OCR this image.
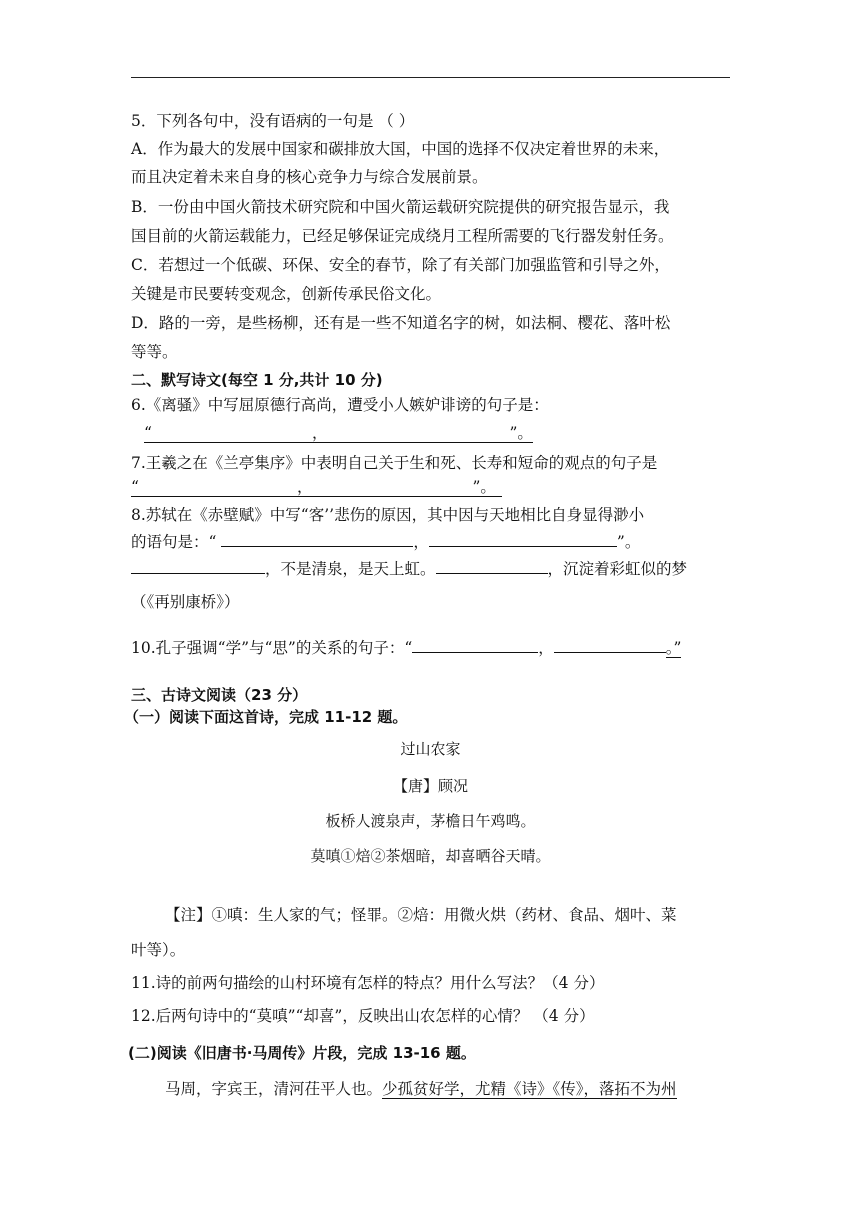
5．下列各句中，没有语病的一句是 （ ）
A．作为最大的发展中国家和碳排放大国，中国的选择不仅决定着世界的未来，
而且决定着未来自身的核心竞争力与综合发展前景。
B．一份由中国火箭技术研究院和中国火箭运载研究院提供的研究报告显示，我
国目前的火箭运载能力，已经足够保证完成绕月工程所需要的飞行器发射任务。
C．若想过一个低碳、环保、安全的春节，除了有关部门加强监管和引导之外，
关键是市民要转变观念，创新传承民俗文化。
D．路的一旁，是些杨柳，还有是一些不知道名字的树，如法桐、樱花、落叶松
等等。
二、默写诗文(每空 1 分,共计 10 分)
6.《离骚》中写屈原德行高尚，遭受小人嫉妒诽谤的句子是：
“	，	”。
7.王羲之在《兰亭集序》中表明自己关于生和死、长寿和短命的观点的句子是
“	，	”。
8.苏轼在《赤壁赋》中写“客’’悲伤的原因，其中因与天地相比自身显得渺小
的语句是：“	，	”。
，不是清泉，是天上虹。	，沉淀着彩虹似的梦
（《再别康桥》）
10.孔子强调“学”与“思”的关系的句子：“	，	。”
三、古诗文阅读（23 分）
（一）阅读下面这首诗，完成 11-12 题。
过山农家
【唐】顾况
板桥人渡泉声，茅檐日午鸡鸣。
莫嗔①焙②茶烟暗，却喜晒谷天晴。
【注】①嗔：生人家的气；怪罪。②焙：用微火烘（药材、食品、烟叶、菜
叶等）。
11.诗的前两句描绘的山村环境有怎样的特点？用什么写法？（4 分）
12.后两句诗中的“莫嗔”“却喜”，反映出山农怎样的心情？ （4 分）
(二)阅读《旧唐书·马周传》片段，完成 13-16 题。
马周，字宾王，清河茌平人也。少孤贫好学，尤精《诗》《传》，落拓不为州
